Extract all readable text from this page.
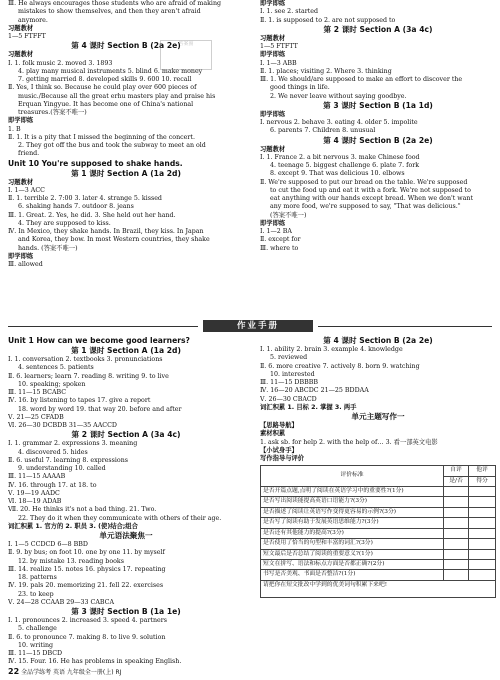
Ⅲ. He always encourages those students who are afraid of making
mistakes to show themselves, and then they aren't afraid
anymore.
习题教材
1—5 FTFFT
第 4 课时 Section B (2a 2e)
习题教材
Ⅰ. 1. folk music 2. moved 3. 1893
4. play many musical instruments 5. blind 6. make money
7. getting married 8. developed skills 9. 600 10. recall
Ⅱ. Yes, I think so. Because he could play over 600 pieces of
music./Because all the great erhu masters play and praise his
Erquan Yingyue. It has become one of China's national
treasures.(答案不唯一)
即学即练
1. B
Ⅱ. 1. It is a pity that I missed the beginning of the concert.
2. They got off the bus and took the subway to meet an old
friend.
Unit 10 You're supposed to shake hands.
第 1 课时 Section A (1a 2d)
习题教材
Ⅰ. 1—3 ACC
Ⅱ. 1. terrible 2. 7:00 3. later 4. strange 5. kissed
6. shaking hands 7. outdoor 8. jeans
Ⅲ. 1. Great. 2. Yes, he did. 3. She held out her hand.
4. They are supposed to kiss.
Ⅳ. In Mexico, they shake hands. In Brazil, they kiss. In Japan
and Korea, they bow. In most Western countries, they shake
hands. (答案不唯一)
即学即练
Ⅲ. allowed
即学即练
Ⅰ. 1. see 2. started
Ⅱ. 1. is supposed to 2. are not supposed to
第 2 课时 Section A (3a 4c)
习题教材
1—5 FTFTT
即学即练
Ⅰ. 1—3 ABB
Ⅱ. 1. places; visiting 2. Where 3. thinking
Ⅲ. 1. We should/are supposed to make an effort to discover the
good things in life.
2. We never leave without saying goodbye.
第 3 课时 Section B (1a 1d)
即学即练
Ⅰ. nervous 2. behave 3. eating 4. older 5. impolite
6. parents 7. Children 8. unusual
第 4 课时 Section B (2a 2e)
习题教材
Ⅰ. 1. France 2. a bit nervous 3. make Chinese food
4. teenage 5. biggest challenge 6. plate 7. fork
8. except 9. That was delicious 10. elbows
Ⅱ. We're supposed to put our bread on the table. We're supposed
to cut the food up and eat it with a fork. We're not supposed to
eat anything with our hands except bread. When we don't want
any more food, we're supposed to say, "That was delicious."
(答案不唯一)
即学即练
Ⅰ. 1—2 BA
Ⅱ. except for
Ⅲ. where to
答案圈
作业手册
Unit 1 How can we become good learners?
第 1 课时 Section A (1a 2d)
Ⅰ. 1. conversation 2. textbooks 3. pronunciations
4. sentences 5. patients
Ⅱ. 6. learners; learn 7. reading 8. writing 9. to live
10. speaking; spoken
Ⅲ. 11—15 BCABC
Ⅳ. 16. by listening to tapes 17. give a report
18. word by word 19. that way 20. before and after
Ⅴ. 21—25 CFADB
Ⅵ. 26—30 DCBDB 31—35 AACCD
第 2 课时 Section A (3a 4c)
Ⅰ. 1. grammar 2. expressions 3. meaning
4. discovered 5. hides
Ⅱ. 6. useful 7. learning 8. expressions
9. understanding 10. called
Ⅲ. 11—15 AAAAB
Ⅳ. 16. through 17. at 18. to
Ⅴ. 19—19 AADC
Ⅵ. 18—19 ADAB
Ⅶ. 20. He thinks it's not a bad thing. 21. Two.
22. They do it when they communicate with others of their age.
词汇积累 1. 官方的 2. 职员 3. (使)结合;组合
单元语法聚焦一
Ⅰ. 1—5 CCDCD 6—8 BBD
Ⅱ. 9. by bus; on foot 10. one by one 11. by myself
12. by mistake 13. reading books
Ⅲ. 14. realize 15. notes 16. physics 17. repeating
18. patterns
Ⅳ. 19. pals 20. memorizing 21. fell 22. exercises
23. to keep
Ⅴ. 24—28 CCAAB 29—33 CABCA
第 3 课时 Section B (1a 1e)
Ⅰ. 1. pronounces 2. increased 3. speed 4. partners
5. challenge
Ⅱ. 6. to pronounce 7. making 8. to live 9. solution
10. writing
Ⅲ. 11—15 DBCD
Ⅳ. 15. Four. 16. He has problems in speaking English.
第 4 课时 Section B (2a 2e)
Ⅰ. 1. ability 2. brain 3. example 4. knowledge
5. reviewed
Ⅱ. 6. more creative 7. actively 8. born 9. watching
10. interested
Ⅲ. 11—15 DBBBB
Ⅳ. 16—20 ABCDC 21—25 BDDAA
Ⅴ. 26—30 CBACD
词汇积累 1. 目标 2. 掌握 3. 两手
单元主题写作一
【思路导航】
素材积累
1. ask sb. for help 2. with the help of… 3. 看一部英文电影
【小试身手】
写作指导与评价
评价标准	自评	他评
	是/否	得分
是否开篇点题,点明了阅读在英语学习中的重要性?(1分)		
是否写出阅读能提高英语口语能力?(3分)		
是否描述了阅读让英语写作变得更容易的示例?(3分)		
是否写了阅读有助于发展英语思维能力?(3分)		
是否还有其他能力的提高?(3分)		
是否使用了恰当的句型和丰富的词汇?(3分)		
短文最后是否总结了阅读的重要意义?(1分)		
短文在拼写、语法和标点方面是否都正确?(2分)		
书写是否美观、书面是否整洁?(1分)		
请把你在短文批改中学到的优美词句积累下来吧!		
22 全品学练考 英语 九年级全一册(上) RJ
